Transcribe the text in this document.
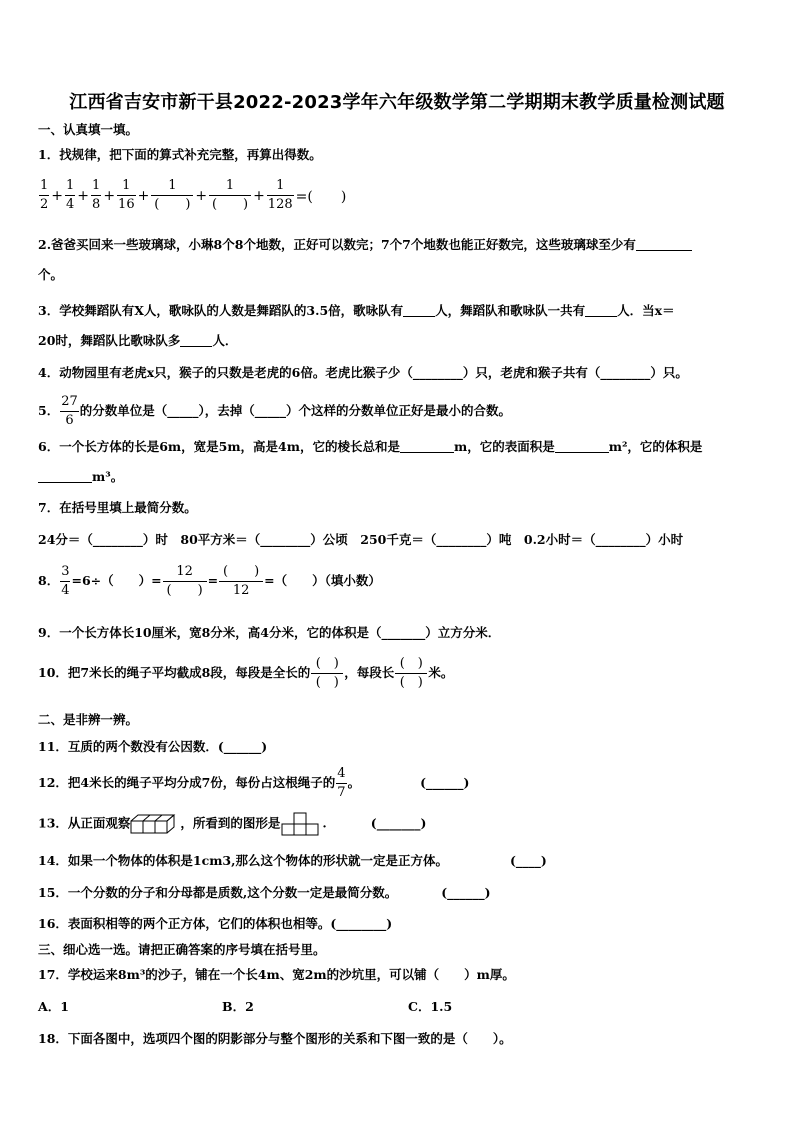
江西省吉安市新干县2022-2023学年六年级数学第二学期期末教学质量检测试题
一、认真填一填。
1．找规律，把下面的算式补充完整，再算出得数。
$\frac{1}{2} + \frac{1}{4} + \frac{1}{8} + \frac{1}{16} + \frac{1}{( )} + \frac{1}{( )} + \frac{1}{128}$ =(　　)
2.爸爸买回来一些玻璃球，小琳8个8个地数，正好可以数完；7个7个地数也能正好数完，这些玻璃球至少有
个。
3．学校舞蹈队有X人，歌咏队的人数是舞蹈队的3.5倍，歌咏队有	人，舞蹈队和歌咏队一共有	人．当x＝
20时，舞蹈队比歌咏队多	人．
4．动物园里有老虎x只，猴子的只数是老虎的6倍。老虎比猴子少（________）只，老虎和猴子共有（________）只。
5． $\frac{27}{6}$ 的分数单位是（_____），去掉（_____）个这样的分数单位正好是最小的合数。
6．一个长方体的长是6m，宽是5m，高是4m，它的棱长总和是	m，它的表面积是	m²，它的体积是
m³。
7．在括号里填上最简分数。
24分＝（________）时　80平方米＝（________）公顷　250千克＝（________）吨　0.2小时＝（________）小时
8． $\frac{3}{4} =6\div$（　　）= $\frac{12}{( )} = \frac{( )}{12}$ =（　　）（填小数）
9．一个长方体长10厘米，宽8分米，高4分米，它的体积是（_______）立方分米．
10．把7米长的绳子平均截成8段，每段是全长的 $\frac{( )}{( )}$ ，每段长 $\frac{( )}{( )}$ 米。
二、是非辨一辨。
11．互质的两个数没有公因数．(______)
12．把4米长的绳子平均分成7份，每份占这根绳子的 $\frac{4}{7}$ 。	(______)
13．从正面观察	，所看到的图形是	.	(_______)
14．如果一个物体的体积是1cm3,那么这个物体的形状就一定是正方体。	(____)
15．一个分数的分子和分母都是质数,这个分数一定是最简分数。	(______)
16．表面积相等的两个正方体，它们的体积也相等。(________)
三、细心选一选。请把正确答案的序号填在括号里。
17．学校运来8m³的沙子，铺在一个长4m、宽2m的沙坑里，可以铺（　　）m厚。
A．1	B．2	C．1.5
18．下面各图中，选项四个图的阴影部分与整个图形的关系和下图一致的是（　　）。
